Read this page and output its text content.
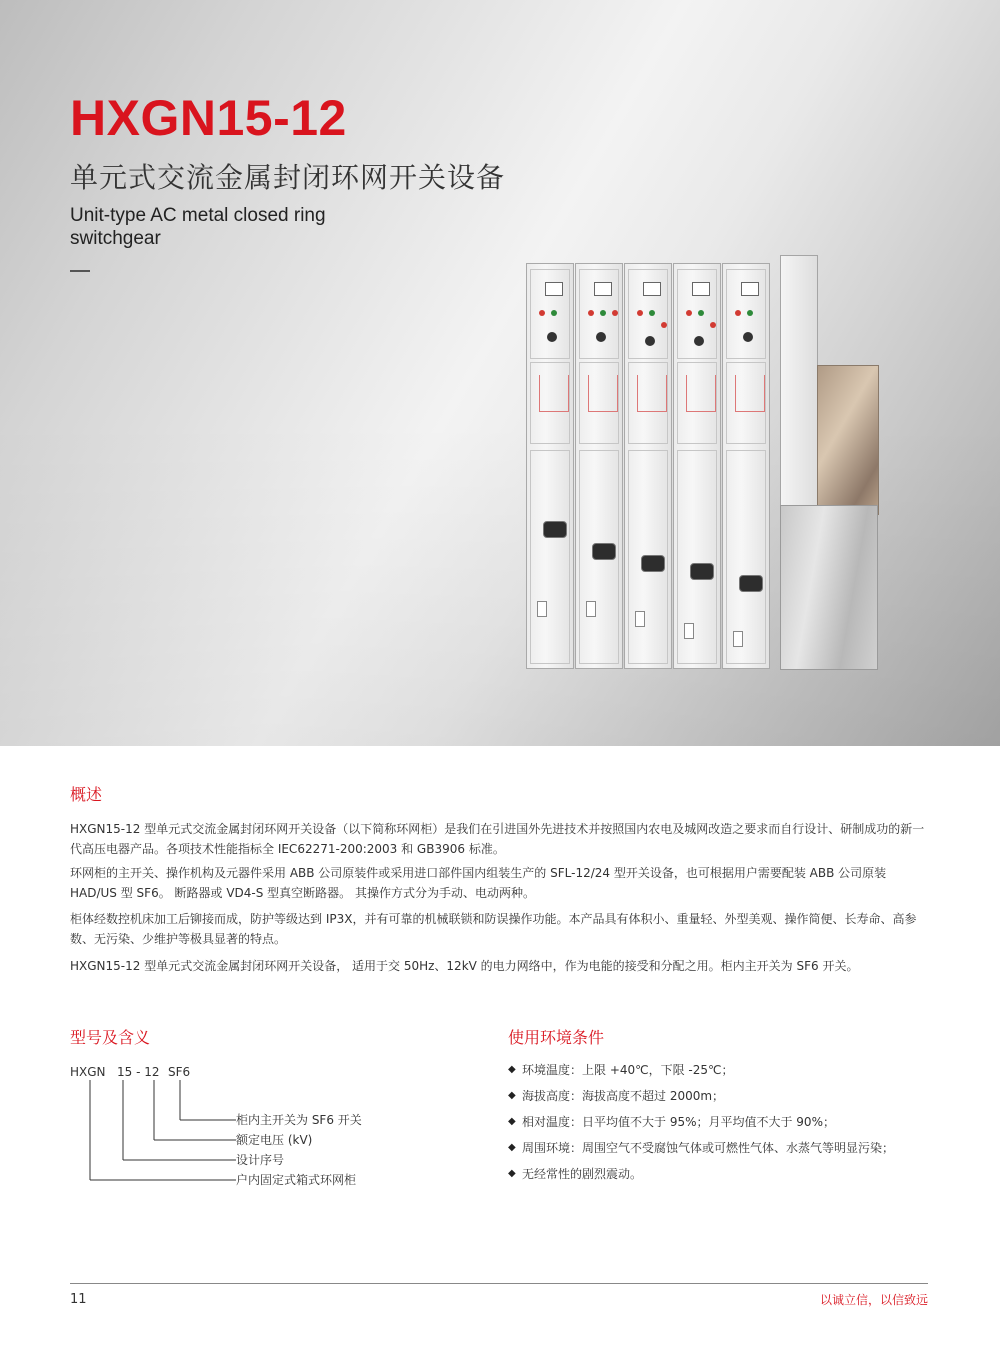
HXGN15-12
单元式交流金属封闭环网开关设备

Unit-type AC metal closed ring switchgear

概述

HXGN15-12 型单元式交流金属封闭环网开关设备（以下简称环网柜）是我们在引进国外先进技术并按照国内农电及城网改造之要求而自行设计、研制成功的新一代高压电器产品。各项技术性能指标全 IEC62271-200:2003 和 GB3906 标准。

环网柜的主开关、操作机构及元器件采用 ABB 公司原装件或采用进口部件国内组装生产的 SFL-12/24 型开关设备，也可根据用户需要配装 ABB 公司原装 HAD/US 型 SF6。 断路器或 VD4-S 型真空断路器。 其操作方式分为手动、电动两种。

柜体经数控机床加工后铆接而成，防护等级达到 IP3X，并有可靠的机械联锁和防误操作功能。本产品具有体积小、重量轻、外型美观、操作简便、长寿命、高参数、无污染、少维护等极具显著的特点。

HXGN15-12 型单元式交流金属封闭环网开关设备， 适用于交 50Hz、12kV 的电力网络中，作为电能的接受和分配之用。柜内主开关为 SF6 开关。

型号及含义
HXGN 15 - 12 SF6

柜内主开关为 SF6 开关

额定电压 (kV)

设计序号

户内固定式箱式环网柜

使用环境条件
◆ 环境温度：上限 +40℃，下限 -25℃；
◆ 海拔高度：海拔高度不超过 2000m；
◆ 相对温度：日平均值不大于 95%；月平均值不大于 90%；
◆ 周围环境：周围空气不受腐蚀气体或可燃性气体、水蒸气等明显污染；
◆ 无经常性的剧烈震动。

11	以诚立信，以信致远
